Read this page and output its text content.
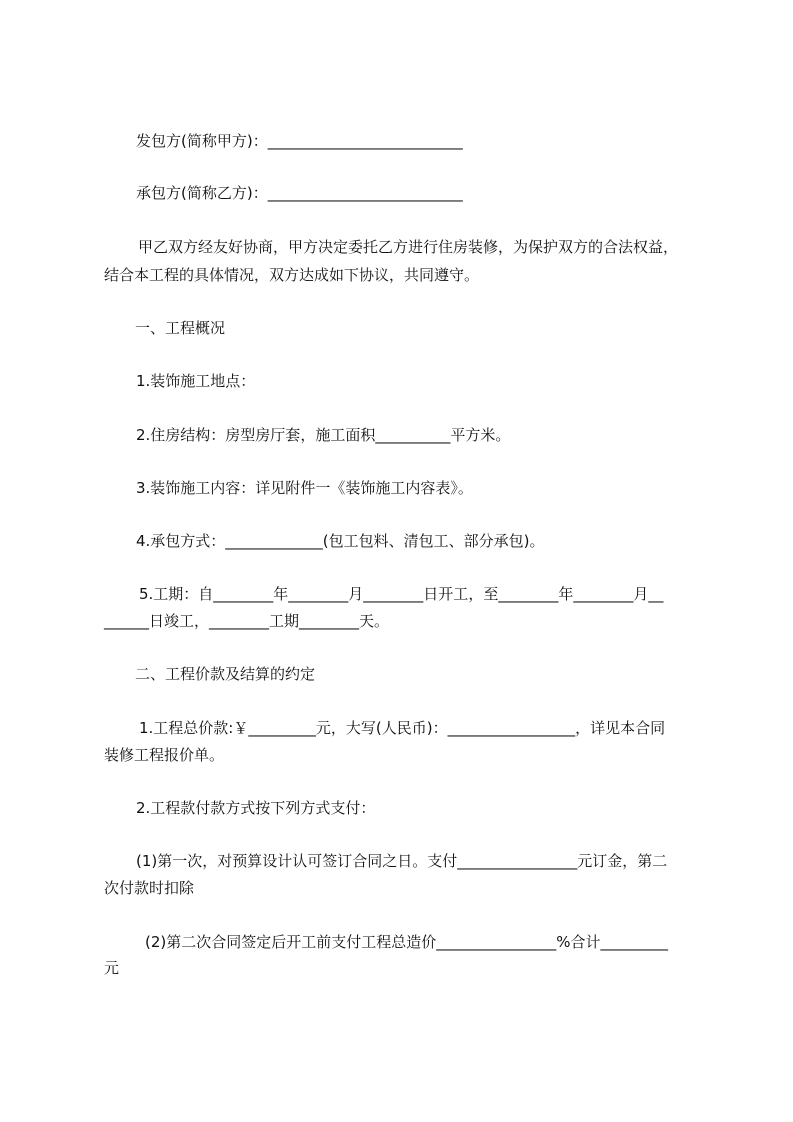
发包方(简称甲方)：__________________________
承包方(简称乙方)：__________________________
甲乙双方经友好协商，甲方决定委托乙方进行住房装修，为保护双方的合法权益，
结合本工程的具体情况，双方达成如下协议，共同遵守。
一、工程概况
1.装饰施工地点：
2.住房结构：房型房厅套，施工面积__________平方米。
3.装饰施工内容：详见附件一《装饰施工内容表》。
4.承包方式：_____________(包工包料、清包工、部分承包)。
5.工期：自________年________月________日开工，至________年________月__
______日竣工，________工期________天。
二、工程价款及结算的约定
1.工程总价款:￥_________元，大写(人民币)：_________________，详见本合同
装修工程报价单。
2.工程款付款方式按下列方式支付：
(1)第一次，对预算设计认可签订合同之日。支付________________元订金，第二
次付款时扣除
(2)第二次合同签定后开工前支付工程总造价________________%合计_________
元
